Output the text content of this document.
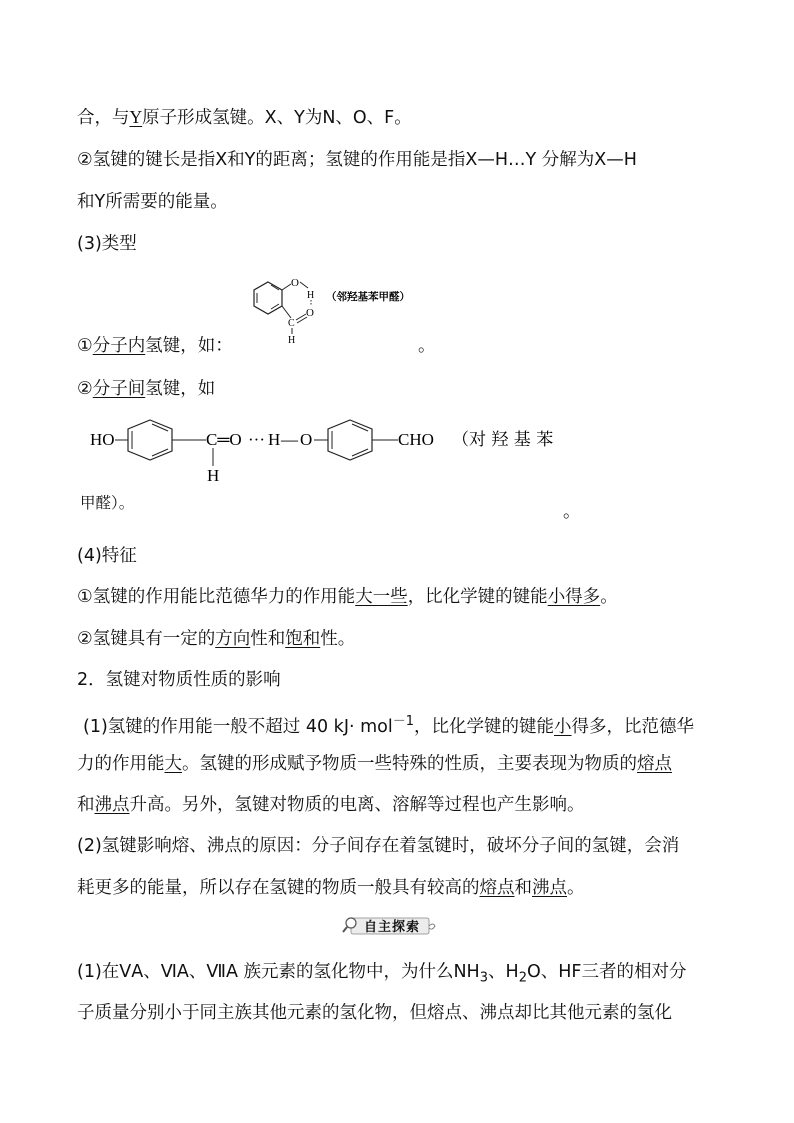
合，与Y原子形成氢键。X、Y为N、O、F。
②氢键的键长是指X和Y的距离；氢键的作用能是指X—H…Y 分解为X—H
和Y所需要的能量。
(3)类型
O
H
O
C
H
（邻羟基苯甲醛）
①分子内氢键，如：	。
②分子间氢键，如
HO	C═O ··· H — O	CHO
H
（对 羟 基 苯
甲醛）。	。
(4)特征
①氢键的作用能比范德华力的作用能大一些，比化学键的键能小得多。
②氢键具有一定的方向性和饱和性。
2．氢键对物质性质的影响
(1)氢键的作用能一般不超过 40 kJ· mol$^{-1}$，比化学键的键能小得多，比范德华
力的作用能大。氢键的形成赋予物质一些特殊的性质，主要表现为物质的熔点
和沸点升高。另外，氢键对物质的电离、溶解等过程也产生影响。
(2)氢键影响熔、沸点的原因：分子间存在着氢键时，破坏分子间的氢键，会消
耗更多的能量，所以存在氢键的物质一般具有较高的熔点和沸点。
自主探索
(1)在ⅤA、ⅥA、ⅦA 族元素的氢化物中，为什么$NH_3$、$H_2O$、HF三者的相对分
子质量分别小于同主族其他元素的氢化物，但熔点、沸点却比其他元素的氢化
